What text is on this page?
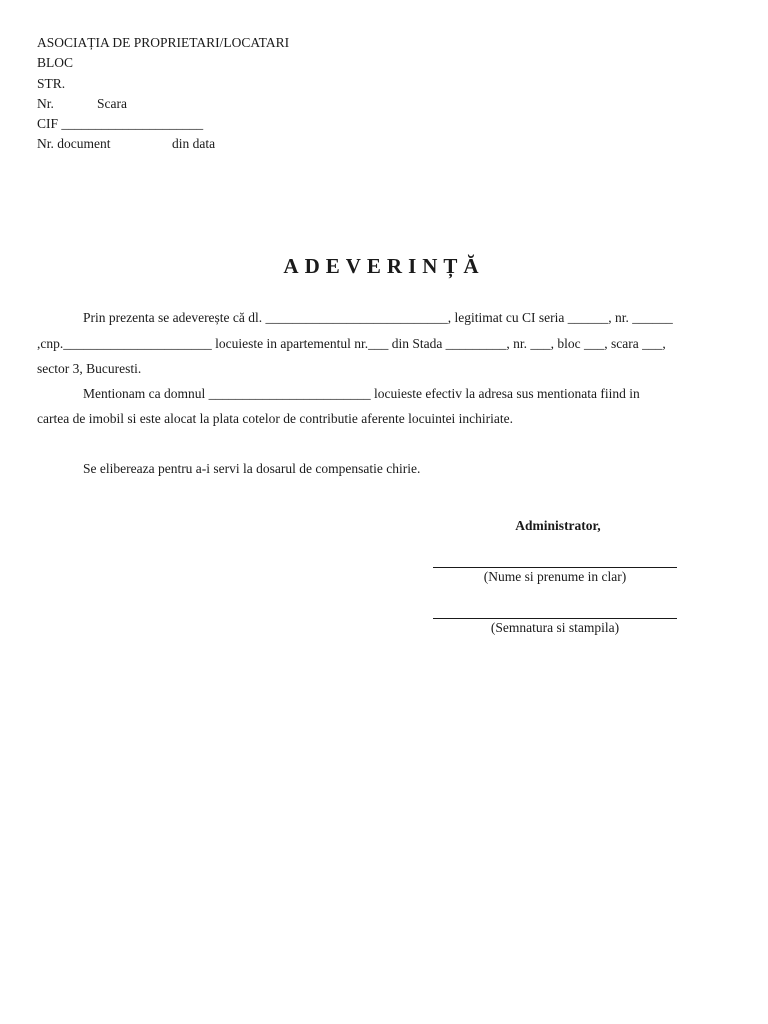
ASOCIAȚIA DE PROPRIETARI/LOCATARI
BLOC
STR.
Nr.	Scara
CIF _____________________
Nr. document	din data
ADEVERINȚĂ
Prin prezenta se adeverește că dl. ___________________________, legitimat cu CI seria ______, nr. ______
,cnp.______________________ locuieste in apartementul nr.___ din Stada _________, nr. ___, bloc ___, scara ___,
sector 3, Bucuresti.
Mentionam ca domnul ________________________ locuieste efectiv la adresa sus mentionata fiind in
cartea de imobil si este alocat la plata cotelor de contributie aferente locuintei inchiriate.
Se elibereaza pentru a-i servi la dosarul de compensatie chirie.
Administrator,
(Nume si prenume in clar)
(Semnatura si stampila)
